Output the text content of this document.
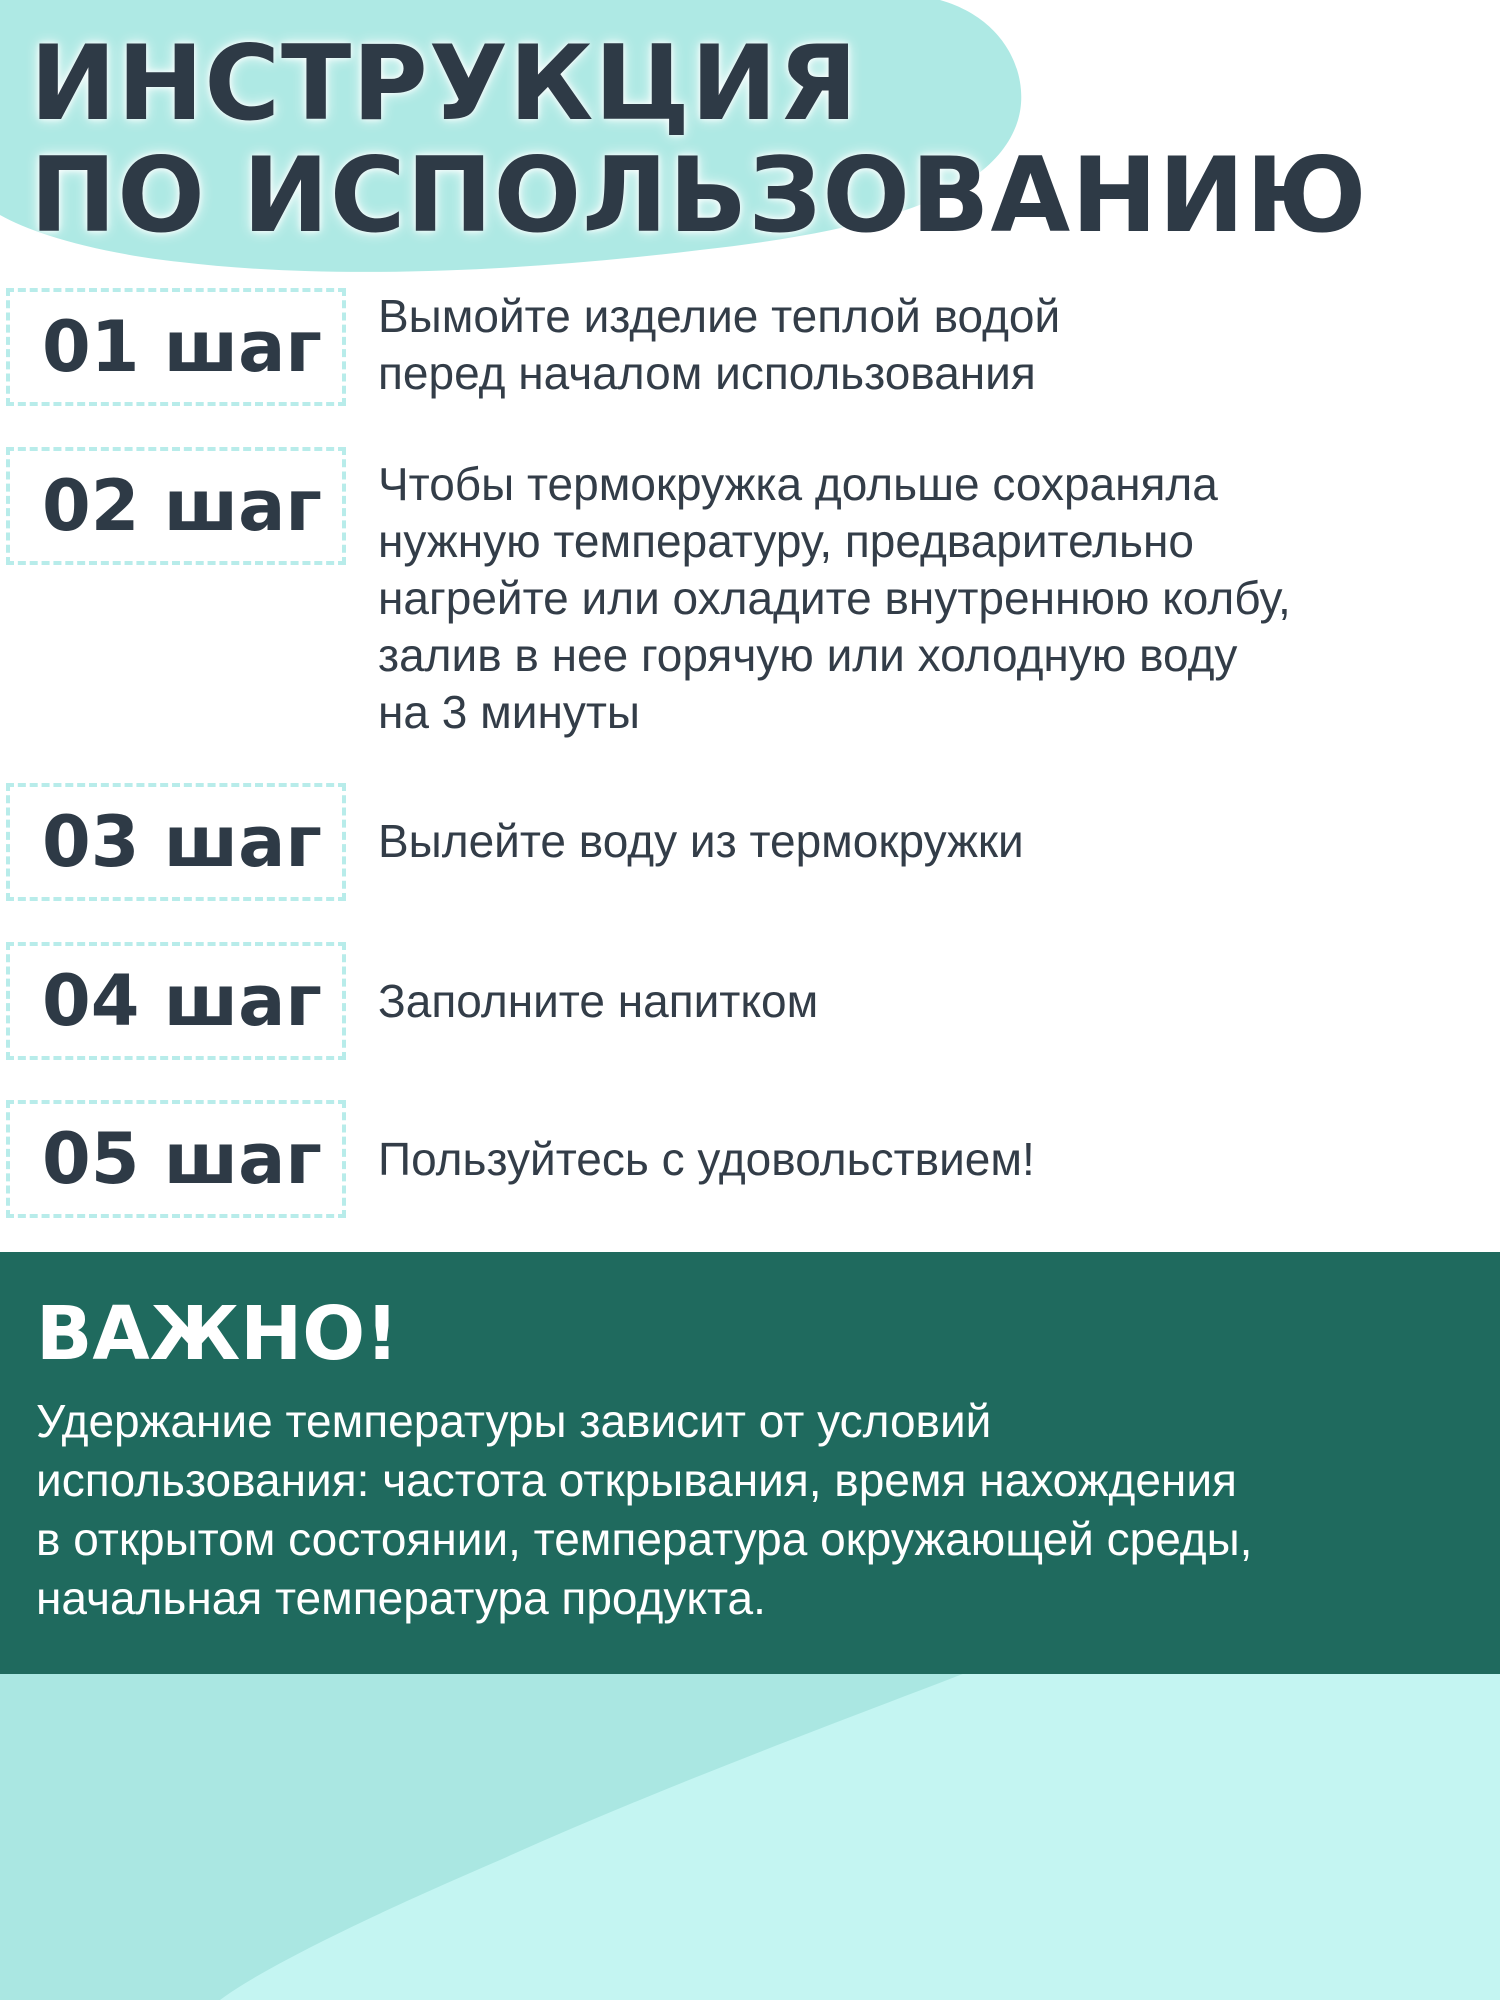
ИНСТРУКЦИЯ
ПО ИСПОЛЬЗОВАНИЮ
01 шаг	Вымойте изделие теплой водой
перед началом использования

02 шаг	Чтобы термокружка дольше сохраняла
нужную температуру, предварительно
нагрейте или охладите внутреннюю колбу,
залив в нее горячую или холодную воду
на 3 минуты

03 шаг	Вылейте воду из термокружки

04 шаг	Заполните напитком

05 шаг	Пользуйтесь с удовольствием!

ВАЖНО!

Удержание температуры зависит от условий
использования: частота открывания, время нахождения
в открытом состоянии, температура окружающей среды,
начальная температура продукта.
